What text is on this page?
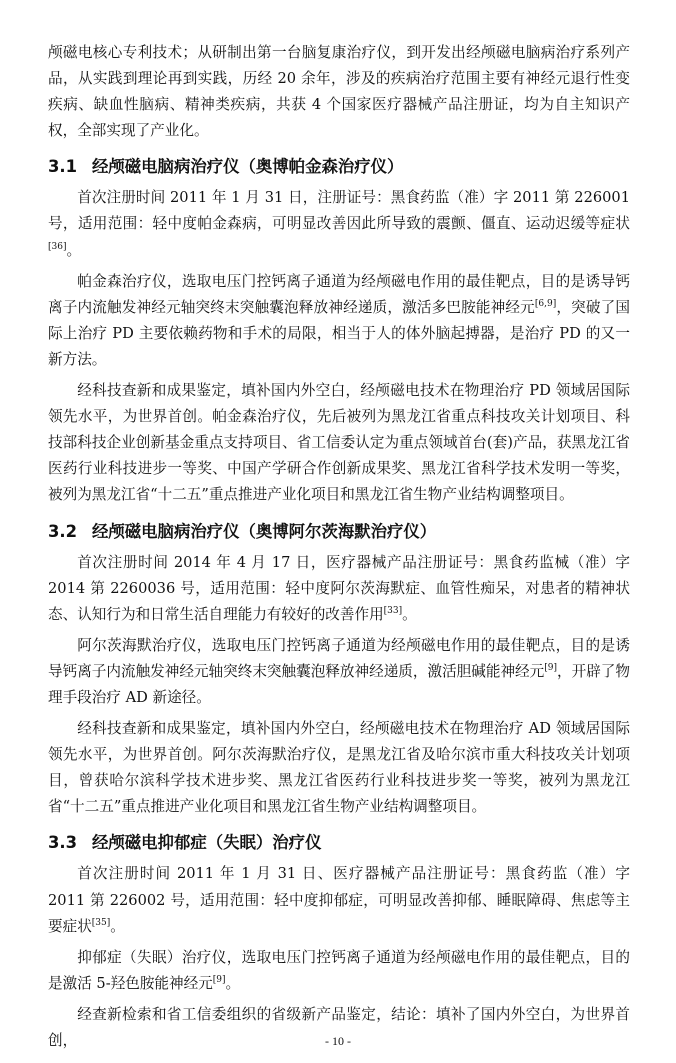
颅磁电核心专利技术；从研制出第一台脑复康治疗仪，到开发出经颅磁电脑病治疗系列产品，从实践到理论再到实践，历经 20 余年，涉及的疾病治疗范围主要有神经元退行性变疾病、缺血性脑病、精神类疾病，共获 4 个国家医疗器械产品注册证，均为自主知识产权，全部实现了产业化。

3.1 经颅磁电脑病治疗仪（奥博帕金森治疗仪）

首次注册时间 2011 年 1 月 31 日，注册证号：黑食药监（准）字 2011 第 226001 号，适用范围：轻中度帕金森病，可明显改善因此所导致的震颤、僵直、运动迟缓等症状[36]。

帕金森治疗仪，选取电压门控钙离子通道为经颅磁电作用的最佳靶点，目的是诱导钙离子内流触发神经元轴突终末突触囊泡释放神经递质，激活多巴胺能神经元[6,9]，突破了国际上治疗 PD 主要依赖药物和手术的局限，相当于人的体外脑起搏器，是治疗 PD 的又一新方法。

经科技查新和成果鉴定，填补国内外空白，经颅磁电技术在物理治疗 PD 领域居国际领先水平，为世界首创。帕金森治疗仪，先后被列为黑龙江省重点科技攻关计划项目、科技部科技企业创新基金重点支持项目、省工信委认定为重点领域首台(套)产品，获黑龙江省医药行业科技进步一等奖、中国产学研合作创新成果奖、黑龙江省科学技术发明一等奖，被列为黑龙江省“十二五”重点推进产业化项目和黑龙江省生物产业结构调整项目。

3.2 经颅磁电脑病治疗仪（奥博阿尔茨海默治疗仪）

首次注册时间 2014 年 4 月 17 日，医疗器械产品注册证号：黑食药监械（准）字 2014 第 2260036 号，适用范围：轻中度阿尔茨海默症、血管性痴呆，对患者的精神状态、认知行为和日常生活自理能力有较好的改善作用[33]。

阿尔茨海默治疗仪，选取电压门控钙离子通道为经颅磁电作用的最佳靶点，目的是诱导钙离子内流触发神经元轴突终末突触囊泡释放神经递质，激活胆碱能神经元[9]，开辟了物理手段治疗 AD 新途径。

经科技查新和成果鉴定，填补国内外空白，经颅磁电技术在物理治疗 AD 领域居国际领先水平，为世界首创。阿尔茨海默治疗仪，是黑龙江省及哈尔滨市重大科技攻关计划项目，曾获哈尔滨科学技术进步奖、黑龙江省医药行业科技进步奖一等奖，被列为黑龙江省“十二五”重点推进产业化项目和黑龙江省生物产业结构调整项目。

3.3 经颅磁电抑郁症（失眠）治疗仪

首次注册时间 2011 年 1 月 31 日、医疗器械产品注册证号：黑食药监（准）字 2011 第 226002 号，适用范围：轻中度抑郁症，可明显改善抑郁、睡眠障碍、焦虑等主要症状[35]。

抑郁症（失眠）治疗仪，选取电压门控钙离子通道为经颅磁电作用的最佳靶点，目的是激活 5-羟色胺能神经元[9]。

经查新检索和省工信委组织的省级新产品鉴定，结论：填补了国内外空白，为世界首创，	- 10 -
